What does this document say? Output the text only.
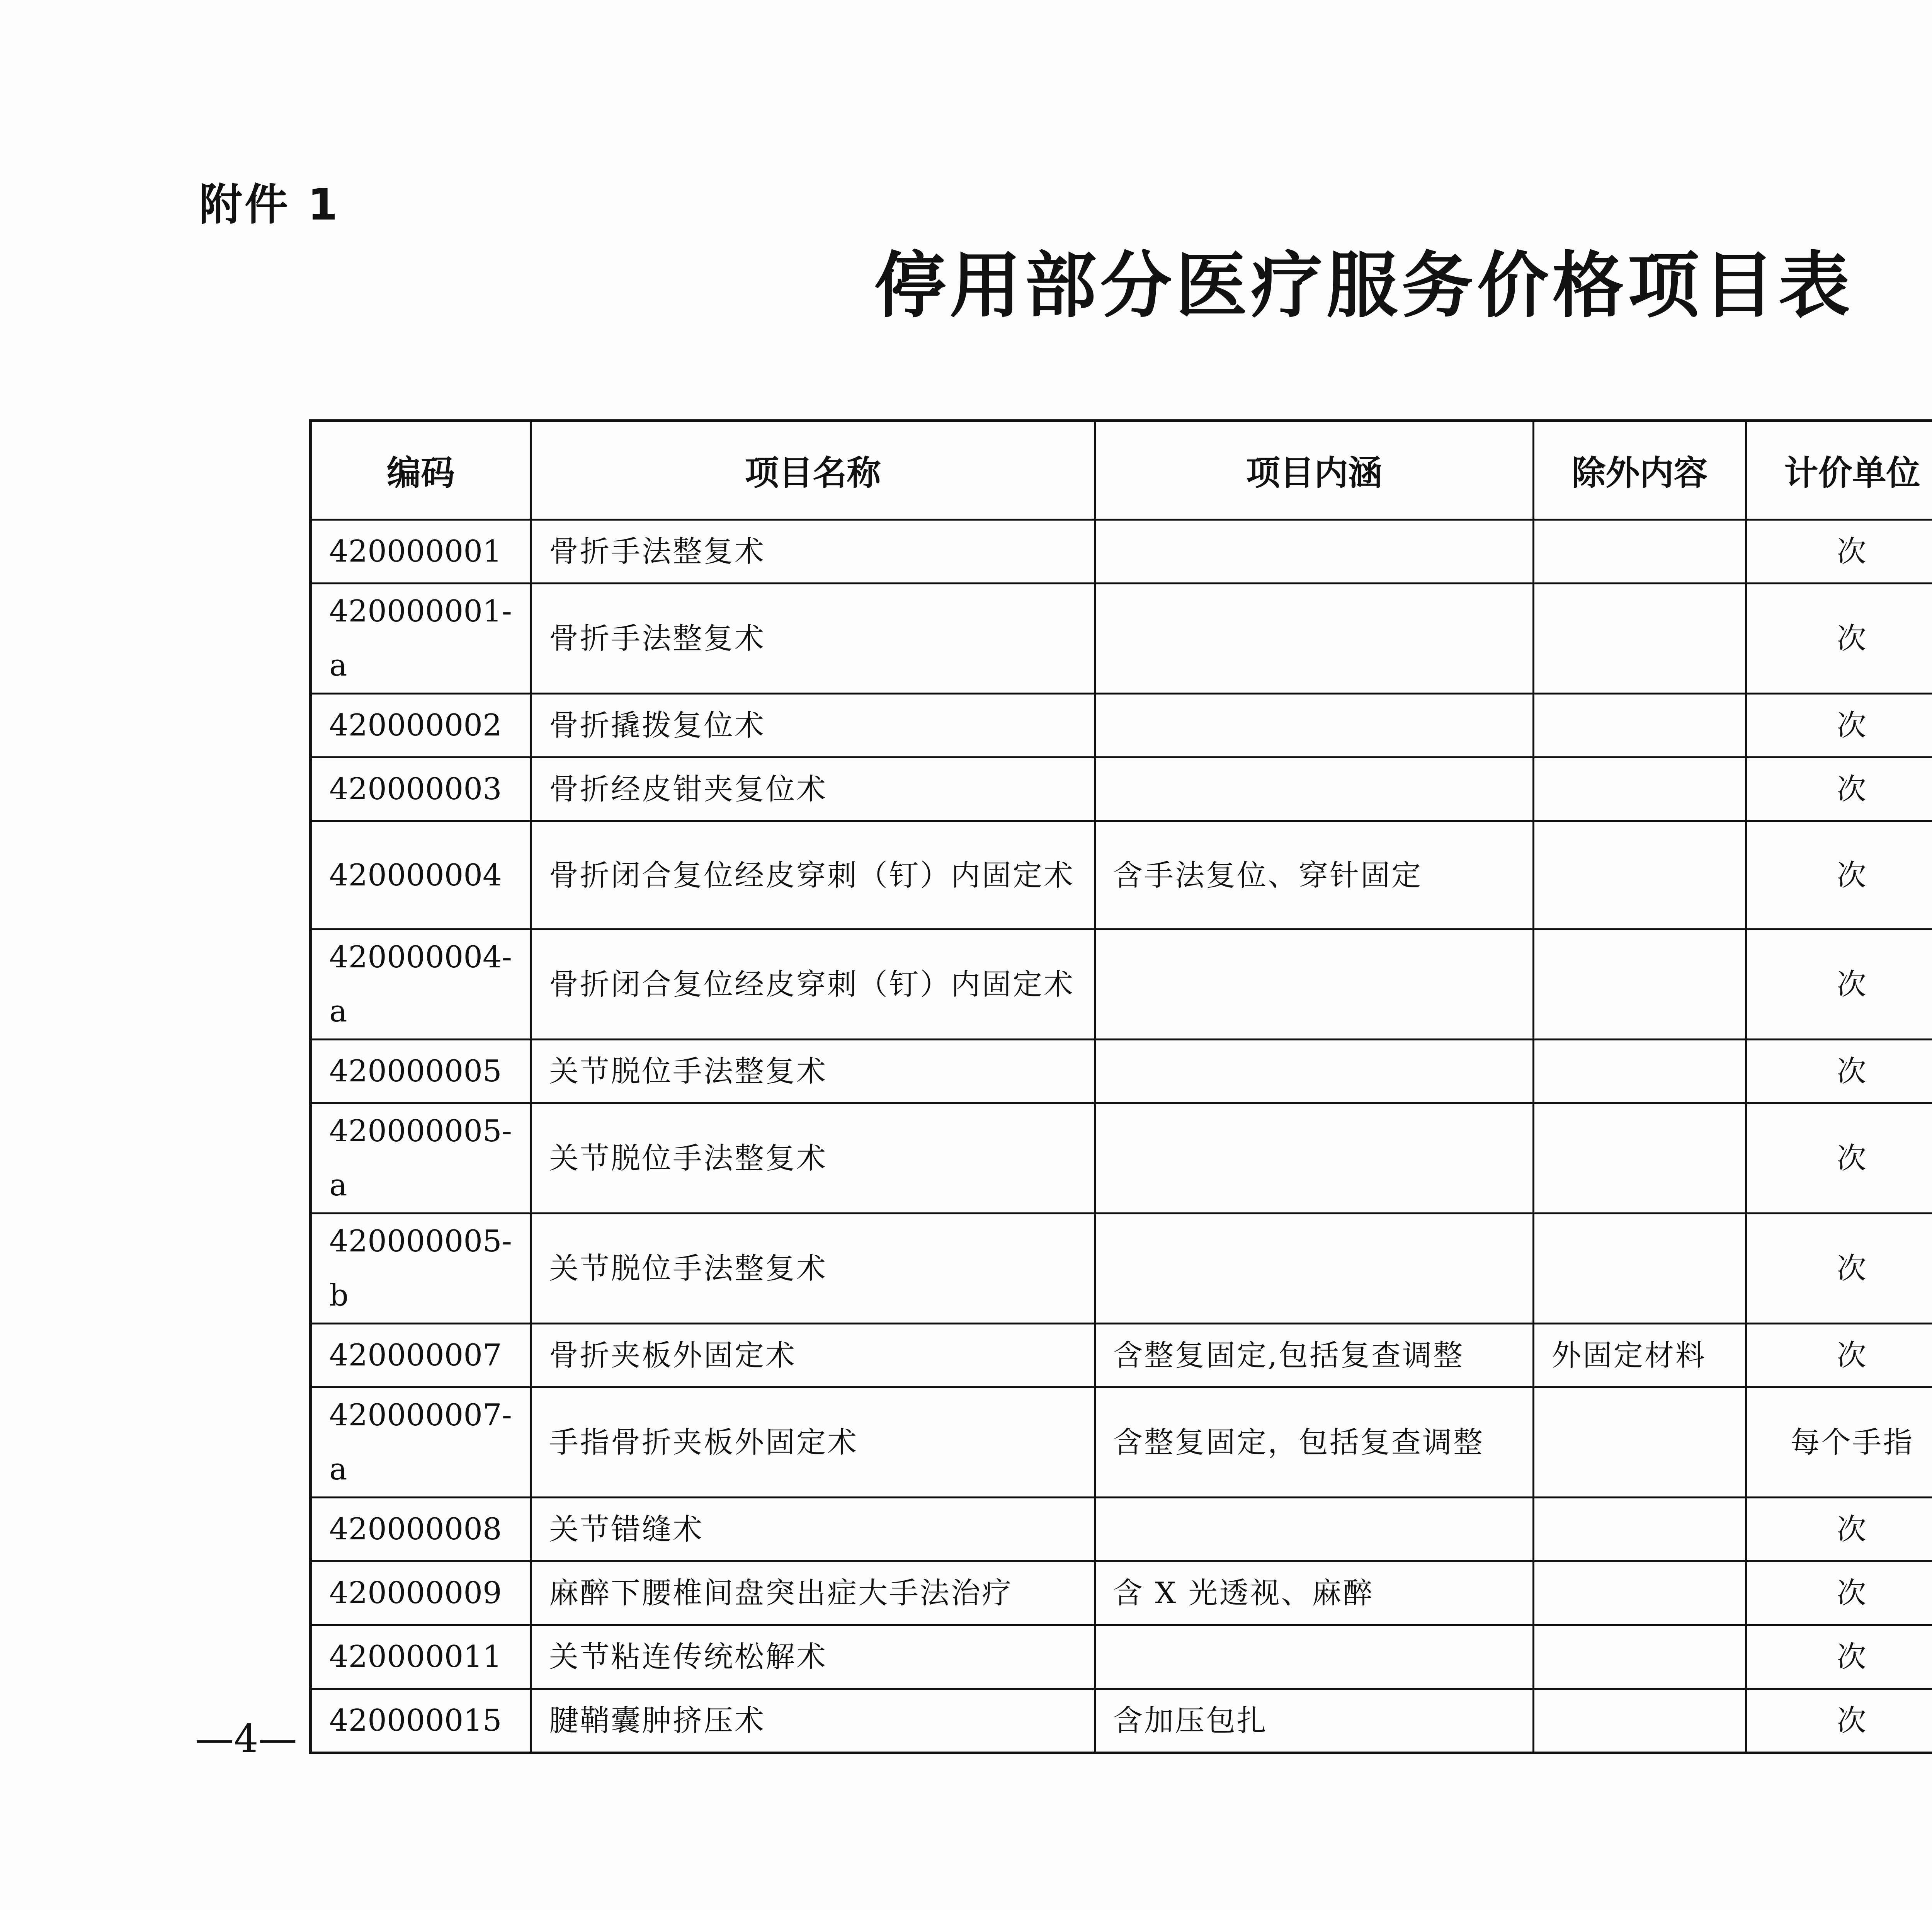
附件 1

停用部分医疗服务价格项目表
编码	项目名称	项目内涵	除外内容	计价单位	
420000001	骨折手法整复术			次	
420000001-a	骨折手法整复术			次	
420000002	骨折撬拨复位术			次	
420000003	骨折经皮钳夹复位术			次	
420000004	骨折闭合复位经皮穿刺（钉）内固定术	含手法复位、穿针固定		次	
420000004-a	骨折闭合复位经皮穿刺（钉）内固定术			次	
420000005	关节脱位手法整复术			次	
420000005-a	关节脱位手法整复术			次	
420000005-b	关节脱位手法整复术			次	
420000007	骨折夹板外固定术	含整复固定,包括复查调整	外固定材料	次	
420000007-a	手指骨折夹板外固定术	含整复固定，包括复查调整		每个手指	
420000008	关节错缝术			次	
420000009	麻醉下腰椎间盘突出症大手法治疗	含 X 光透视、麻醉		次	
420000011	关节粘连传统松解术			次	
420000015	腱鞘囊肿挤压术	含加压包扎		次	

—4—
